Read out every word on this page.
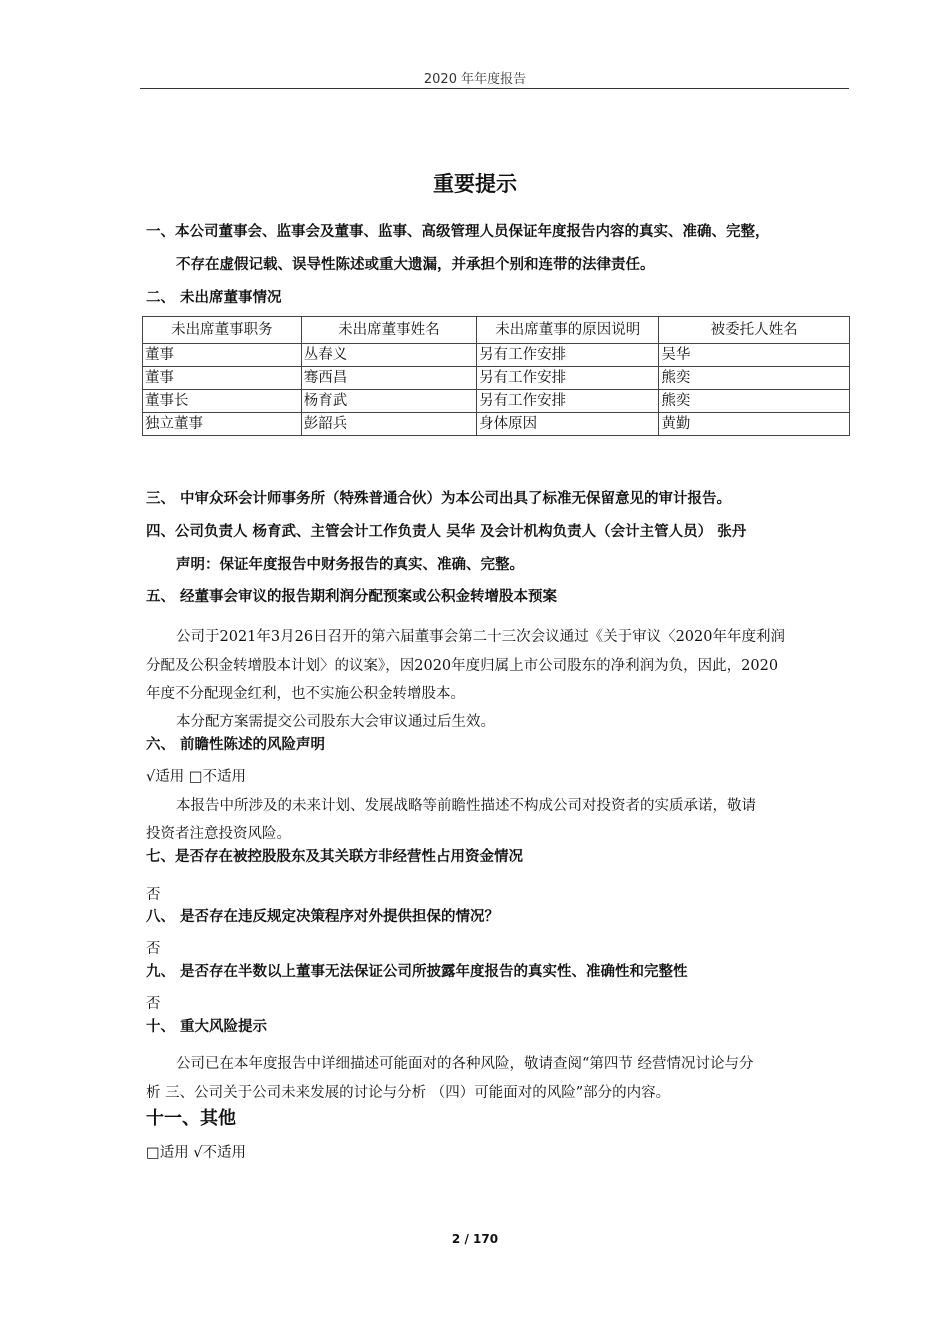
2020 年年度报告
重要提示
一、本公司董事会、监事会及董事、监事、高级管理人员保证年度报告内容的真实、准确、完整，
不存在虚假记载、误导性陈述或重大遗漏，并承担个别和连带的法律责任。
二、 未出席董事情况
未出席董事职务	未出席董事姓名	未出席董事的原因说明	被委托人姓名
董事	丛春义	另有工作安排	吴华
董事	骞西昌	另有工作安排	熊奕
董事长	杨育武	另有工作安排	熊奕
独立董事	彭韶兵	身体原因	黄勤
三、 中审众环会计师事务所（特殊普通合伙）为本公司出具了标准无保留意见的审计报告。
四、公司负责人 杨育武、主管会计工作负责人 吴华 及会计机构负责人（会计主管人员） 张丹
声明：保证年度报告中财务报告的真实、准确、完整。
五、 经董事会审议的报告期利润分配预案或公积金转增股本预案
公司于2021年3月26日召开的第六届董事会第二十三次会议通过《关于审议〈2020年年度利润
分配及公积金转增股本计划〉的议案》，因2020年度归属上市公司股东的净利润为负，因此，2020
年度不分配现金红利，也不实施公积金转增股本。
本分配方案需提交公司股东大会审议通过后生效。
六、 前瞻性陈述的风险声明
√适用 □不适用
本报告中所涉及的未来计划、发展战略等前瞻性描述不构成公司对投资者的实质承诺，敬请
投资者注意投资风险。
七、是否存在被控股股东及其关联方非经营性占用资金情况
否
八、 是否存在违反规定决策程序对外提供担保的情况？
否
九、 是否存在半数以上董事无法保证公司所披露年度报告的真实性、准确性和完整性
否
十、 重大风险提示
公司已在本年度报告中详细描述可能面对的各种风险，敬请查阅“第四节 经营情况讨论与分
析 三、公司关于公司未来发展的讨论与分析 （四）可能面对的风险”部分的内容。
十一、其他
□适用 √不适用
2 / 170
